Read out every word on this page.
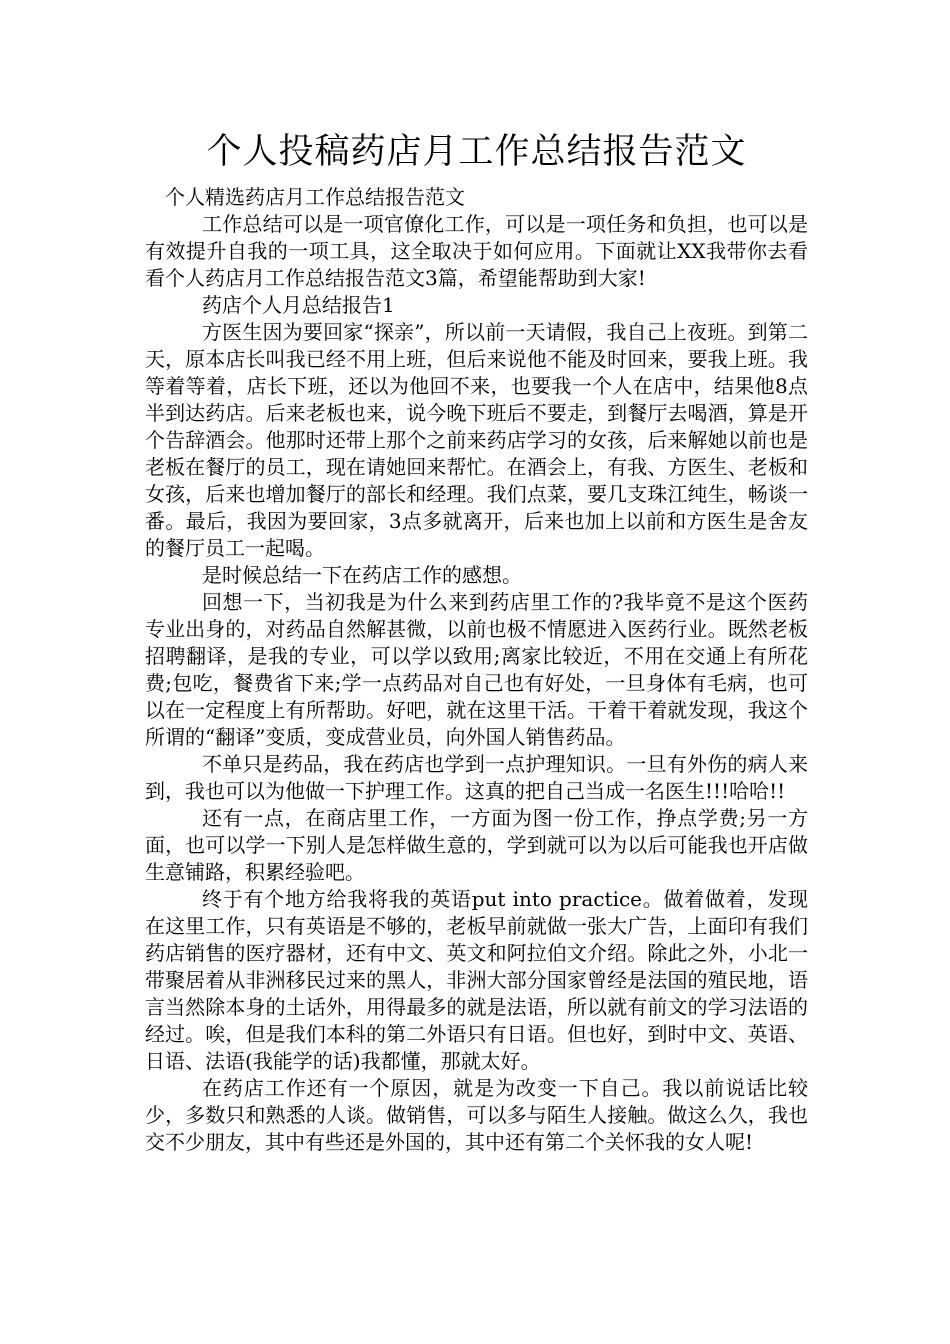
个人投稿药店月工作总结报告范文

个人精选药店月工作总结报告范文

工作总结可以是一项官僚化工作，可以是一项任务和负担，也可以是有效提升自我的一项工具，这全取决于如何应用。下面就让XX我带你去看看个人药店月工作总结报告范文3篇，希望能帮助到大家!

药店个人月总结报告1

方医生因为要回家“探亲”，所以前一天请假，我自己上夜班。到第二天，原本店长叫我已经不用上班，但后来说他不能及时回来，要我上班。我等着等着，店长下班，还以为他回不来，也要我一个人在店中，结果他8点半到达药店。后来老板也来，说今晚下班后不要走，到餐厅去喝酒，算是开个告辞酒会。他那时还带上那个之前来药店学习的女孩，后来解她以前也是老板在餐厅的员工，现在请她回来帮忙。在酒会上，有我、方医生、老板和女孩，后来也增加餐厅的部长和经理。我们点菜，要几支珠江纯生，畅谈一番。最后，我因为要回家，3点多就离开，后来也加上以前和方医生是舍友的餐厅员工一起喝。

是时候总结一下在药店工作的感想。

回想一下，当初我是为什么来到药店里工作的?我毕竟不是这个医药专业出身的，对药品自然解甚微，以前也极不情愿进入医药行业。既然老板招聘翻译，是我的专业，可以学以致用;离家比较近，不用在交通上有所花费;包吃，餐费省下来;学一点药品对自己也有好处，一旦身体有毛病，也可以在一定程度上有所帮助。好吧，就在这里干活。干着干着就发现，我这个所谓的“翻译”变质，变成营业员，向外国人销售药品。

不单只是药品，我在药店也学到一点护理知识。一旦有外伤的病人来到，我也可以为他做一下护理工作。这真的把自己当成一名医生!!!哈哈!!

还有一点，在商店里工作，一方面为图一份工作，挣点学费;另一方面，也可以学一下别人是怎样做生意的，学到就可以为以后可能我也开店做生意铺路，积累经验吧。

终于有个地方给我将我的英语put into practice。做着做着，发现在这里工作，只有英语是不够的，老板早前就做一张大广告，上面印有我们药店销售的医疗器材，还有中文、英文和阿拉伯文介绍。除此之外，小北一带聚居着从非洲移民过来的黑人，非洲大部分国家曾经是法国的殖民地，语言当然除本身的土话外，用得最多的就是法语，所以就有前文的学习法语的经过。唉，但是我们本科的第二外语只有日语。但也好，到时中文、英语、日语、法语(我能学的话)我都懂，那就太好。

在药店工作还有一个原因，就是为改变一下自己。我以前说话比较少，多数只和熟悉的人谈。做销售，可以多与陌生人接触。做这么久，我也交不少朋友，其中有些还是外国的，其中还有第二个关怀我的女人呢!
